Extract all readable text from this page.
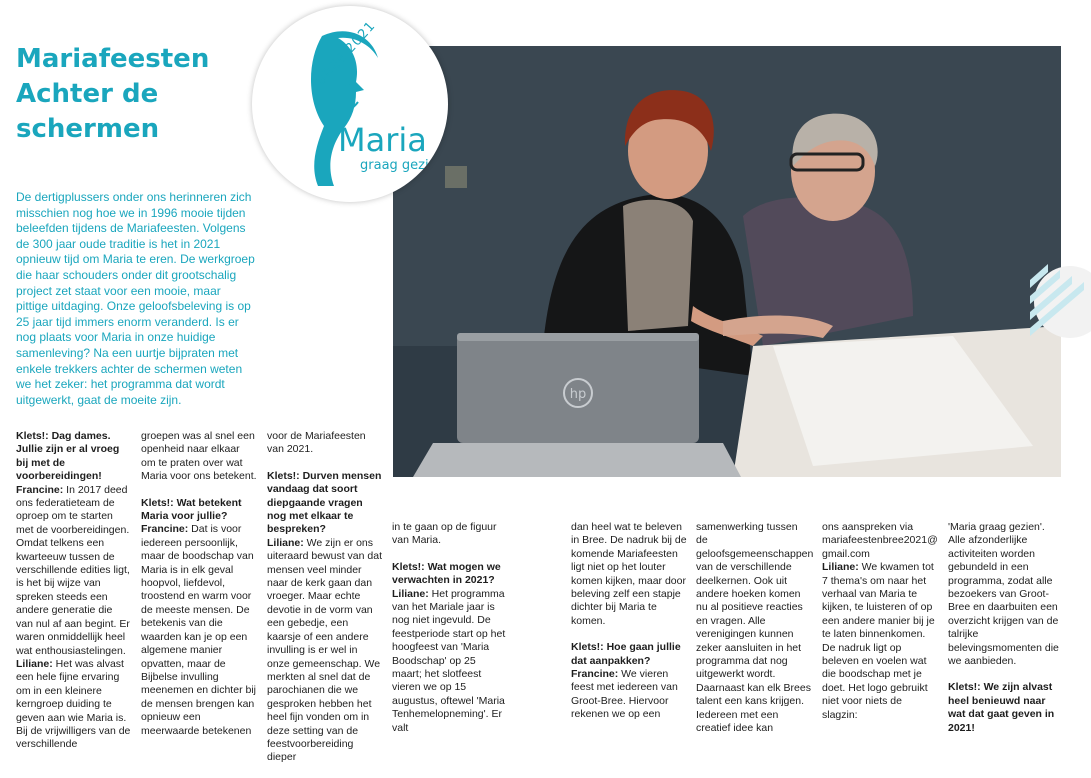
Mariafeesten
Achter de
schermen
BREE 2021
Maria
graag gezien

De dertigplussers onder ons herinneren zich misschien nog hoe we in 1996 mooie tijden beleefden tijdens de Mariafeesten. Volgens de 300 jaar oude traditie is het in 2021 opnieuw tijd om Maria te eren. De werkgroep die haar schouders onder dit grootschalig project zet staat voor een mooie, maar pittige uitdaging. Onze geloofsbeleving is op 25 jaar tijd immers enorm veranderd. Is er nog plaats voor Maria in onze huidige samenleving? Na een uurtje bijpraten met enkele trekkers achter de schermen weten we het zeker: het programma dat wordt uitgewerkt, gaat de moeite zijn.	hp

Klets!: Dag dames. Jullie zijn er al vroeg bij met de voorbereidingen!
Francine: In 2017 deed ons federatieteam de oproep om te starten met de voorbereidingen. Omdat telkens een kwarteeuw tussen de verschillende edities ligt, is het bij wijze van spreken steeds een andere generatie die van nul af aan begint. Er waren onmiddellijk heel wat enthousiastelingen.
Liliane: Het was alvast een hele fijne ervaring om in een kleinere kerngroep duiding te geven aan wie Maria is. Bij de vrijwilligers van de verschillende

groepen was al snel een openheid naar elkaar om te praten over wat Maria voor ons betekent.

Klets!: Wat betekent Maria voor jullie?
Francine: Dat is voor iedereen persoonlijk, maar de boodschap van Maria is in elk geval hoopvol, liefdevol, troostend en warm voor de meeste mensen. De betekenis van die waarden kan je op een algemene manier opvatten, maar de Bijbelse invulling meenemen en dichter bij de mensen brengen kan opnieuw een meerwaarde betekenen

voor de Mariafeesten van 2021.

Klets!: Durven mensen vandaag dat soort diepgaande vragen nog met elkaar te bespreken?
Liliane: We zijn er ons uiteraard bewust van dat mensen veel minder naar de kerk gaan dan vroeger. Maar echte devotie in de vorm van een gebedje, een kaarsje of een andere invulling is er wel in onze gemeenschap. We merkten al snel dat de parochianen die we gesproken hebben het heel fijn vonden om in deze setting van de feestvoorbereiding dieper

in te gaan op de figuur van Maria.

Klets!: Wat mogen we verwachten in 2021?
Liliane: Het programma van het Mariale jaar is nog niet ingevuld. De feestperiode start op het hoogfeest van 'Maria Boodschap' op 25 maart; het slotfeest vieren we op 15 augustus, oftewel 'Maria Tenhemelopneming'. Er valt

dan heel wat te beleven in Bree. De nadruk bij de komende Mariafeesten ligt niet op het louter komen kijken, maar door beleving zelf een stapje dichter bij Maria te komen.

Klets!: Hoe gaan jullie dat aanpakken?
Francine: We vieren feest met iedereen van Groot-Bree. Hiervoor rekenen we op een

samenwerking tussen de geloofsgemeenschappen van de verschillende deelkernen. Ook uit andere hoeken komen nu al positieve reacties en vragen. Alle verenigingen kunnen zeker aansluiten in het programma dat nog uitgewerkt wordt. Daarnaast kan elk Brees talent een kans krijgen. Iedereen met een creatief idee kan

ons aanspreken via mariafeestenbree2021@ gmail.com
Liliane: We kwamen tot 7 thema's om naar het verhaal van Maria te kijken, te luisteren of op een andere manier bij je te laten binnenkomen. De nadruk ligt op beleven en voelen wat die boodschap met je doet. Het logo gebruikt niet voor niets de slagzin:

'Maria graag gezien'. Alle afzonderlijke activiteiten worden gebundeld in een programma, zodat alle bezoekers van Groot-Bree en daarbuiten een overzicht krijgen van de talrijke belevingsmomenten die we aanbieden.

Klets!: We zijn alvast heel benieuwd naar wat dat gaat geven in 2021!
